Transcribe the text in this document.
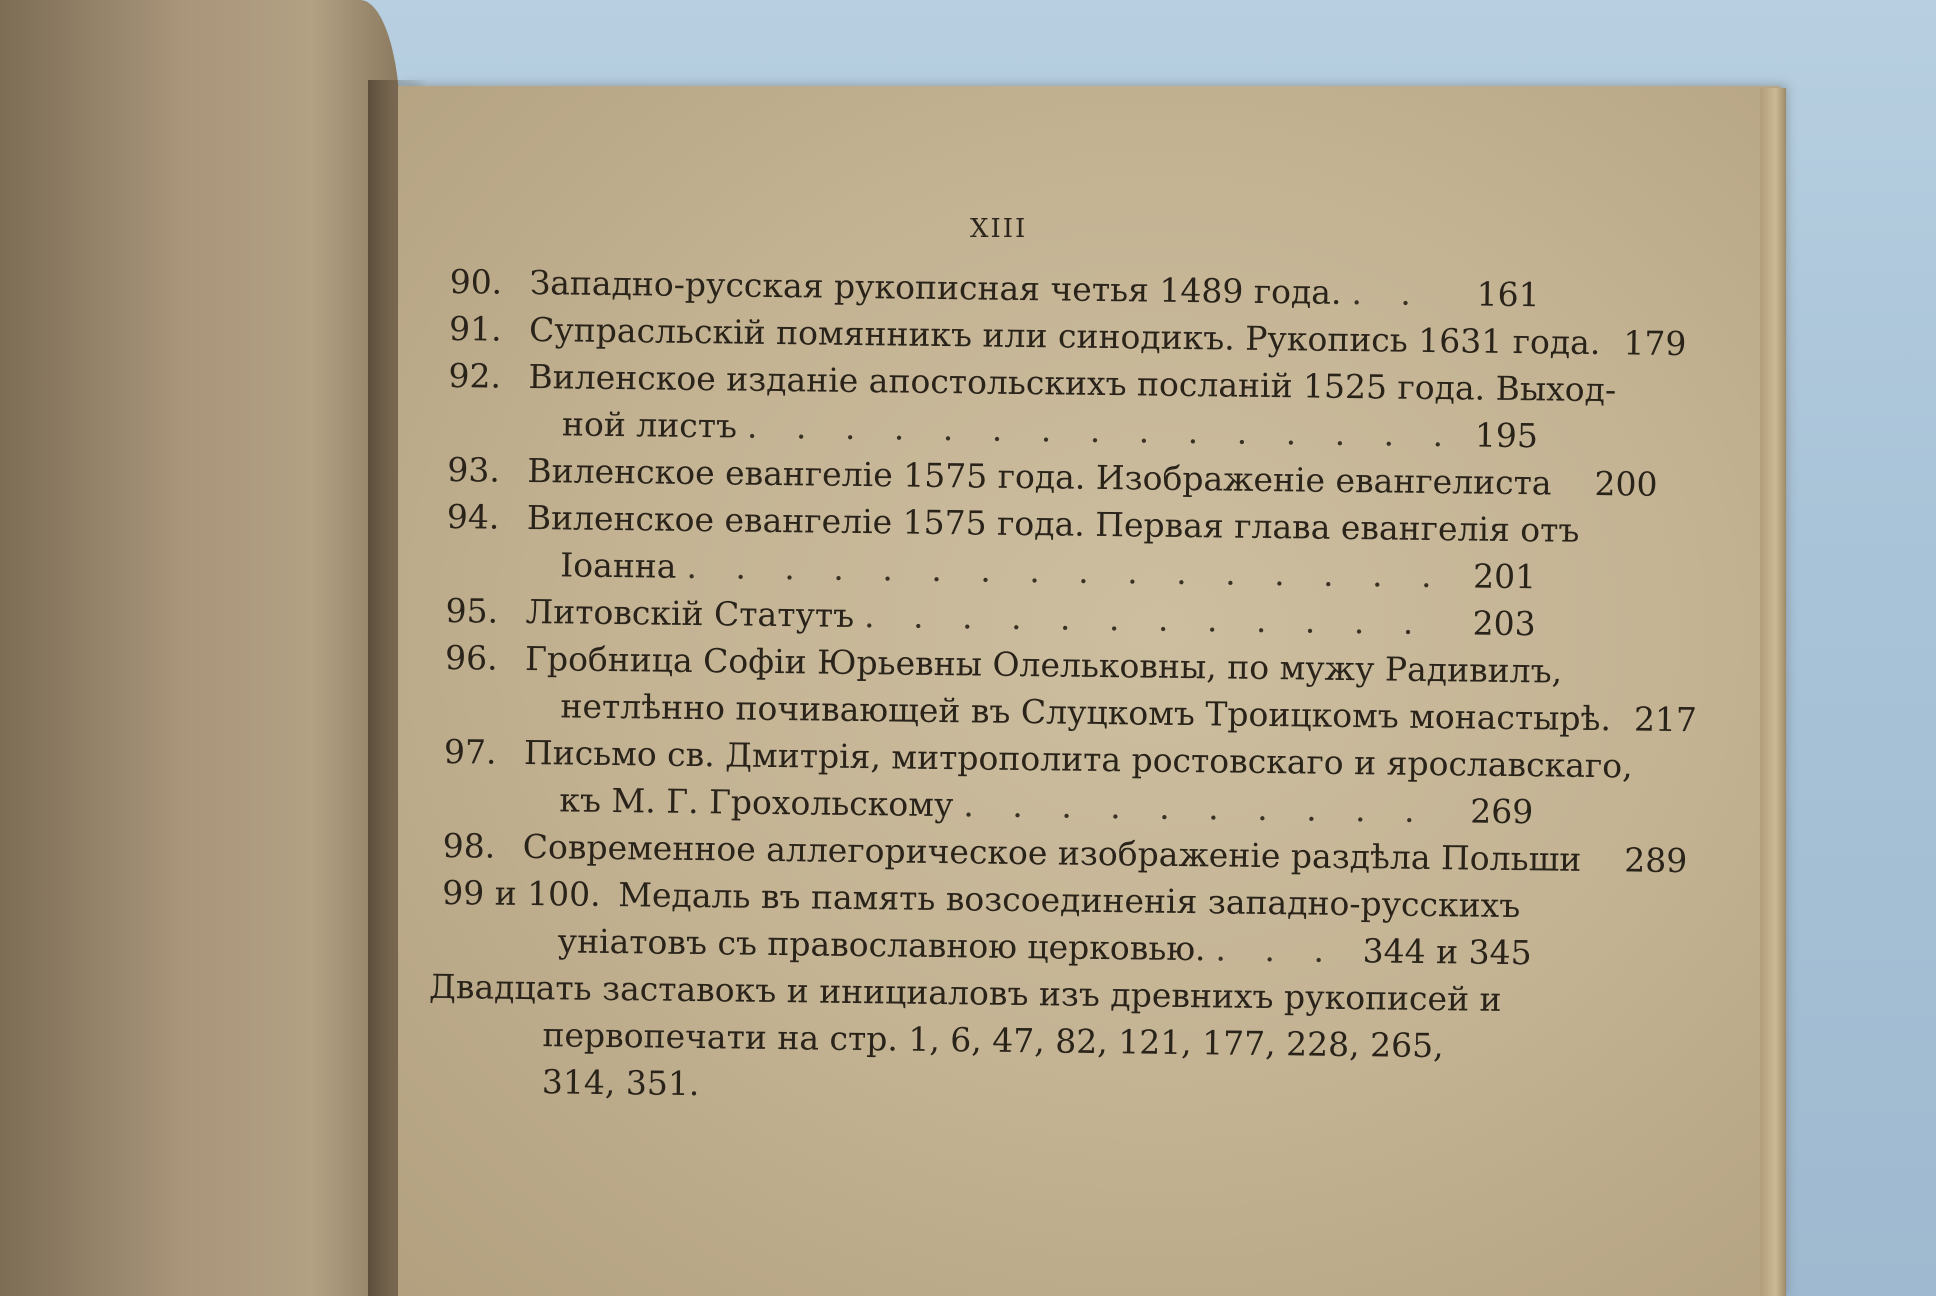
XIII
90. Западно-русская рукописная четья 1489 года. . . .	161
91. Супрасльскій помянникъ или синодикъ. Рукопись 1631 года. 179
92. Виленское изданіе апостольскихъ посланій 1525 года. Выход-
ной листъ . . .	195
93. Виленское евангеліе 1575 года. Изображеніе евангелиста . . .	200
94. Виленское евангеліе 1575 года. Первая глава евангелія отъ
Іоанна . . .	201
95. Литовскій Статутъ . . .	203
96. Гробница Софіи Юрьевны Олельковны, по мужу Радивилъ,
нетлѣнно почивающей въ Слуцкомъ Троицкомъ монастырѣ. 217
97. Письмо св. Дмитрія, митрополита ростовскаго и ярославскаго,
къ М. Г. Грохольскому . . .	269
98. Современное аллегорическое изображеніе раздѣла Польши . . .	289
99 и 100. Медаль въ память возсоединенія западно-русскихъ
уніатовъ съ православною церковью. . . .	344 и 345
Двадцать заставокъ и инициаловъ изъ древнихъ рукописей и
первопечати на стр. 1, 6, 47, 82, 121, 177, 228, 265,
314, 351.
